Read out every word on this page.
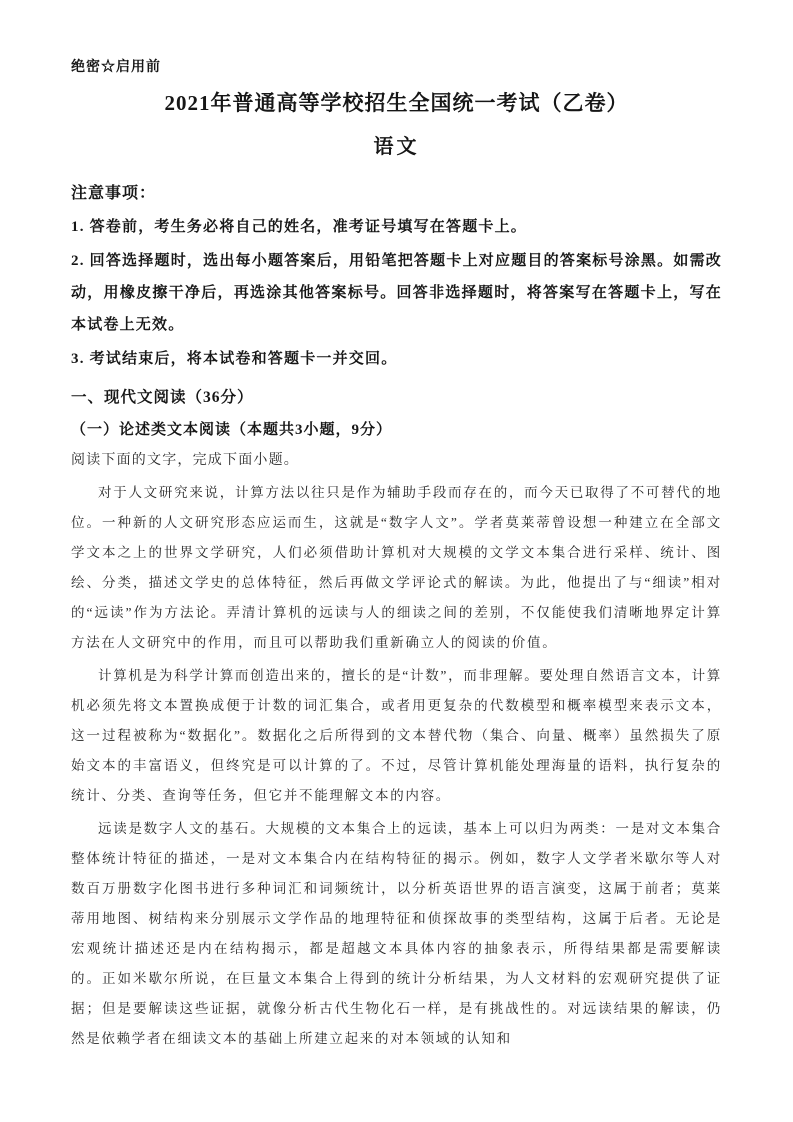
绝密☆启用前
2021年普通高等学校招生全国统一考试（乙卷）
语文
注意事项：

1. 答卷前，考生务必将自己的姓名，准考证号填写在答题卡上。

2. 回答选择题时，选出每小题答案后，用铅笔把答题卡上对应题目的答案标号涂黑。如需改动，用橡皮擦干净后，再选涂其他答案标号。回答非选择题时，将答案写在答题卡上，写在本试卷上无效。

3. 考试结束后，将本试卷和答题卡一并交回。

一、现代文阅读（36分）
（一）论述类文本阅读（本题共3小题，9分）

阅读下面的文字，完成下面小题。

对于人文研究来说，计算方法以往只是作为辅助手段而存在的，而今天已取得了不可替代的地位。一种新的人文研究形态应运而生，这就是“数字人文”。学者莫莱蒂曾设想一种建立在全部文学文本之上的世界文学研究，人们必须借助计算机对大规模的文学文本集合进行采样、统计、图绘、分类，描述文学史的总体特征，然后再做文学评论式的解读。为此，他提出了与“细读”相对的“远读”作为方法论。弄清计算机的远读与人的细读之间的差别，不仅能使我们清晰地界定计算方法在人文研究中的作用，而且可以帮助我们重新确立人的阅读的价值。

计算机是为科学计算而创造出来的，擅长的是“计数”，而非理解。要处理自然语言文本，计算机必须先将文本置换成便于计数的词汇集合，或者用更复杂的代数模型和概率模型来表示文本，这一过程被称为“数据化”。数据化之后所得到的文本替代物（集合、向量、概率）虽然损失了原始文本的丰富语义，但终究是可以计算的了。不过，尽管计算机能处理海量的语料，执行复杂的统计、分类、查询等任务，但它并不能理解文本的内容。

远读是数字人文的基石。大规模的文本集合上的远读，基本上可以归为两类：一是对文本集合整体统计特征的描述，一是对文本集合内在结构特征的揭示。例如，数字人文学者米歇尔等人对数百万册数字化图书进行多种词汇和词频统计，以分析英语世界的语言演变，这属于前者；莫莱蒂用地图、树结构来分别展示文学作品的地理特征和侦探故事的类型结构，这属于后者。无论是宏观统计描述还是内在结构揭示，都是超越文本具体内容的抽象表示，所得结果都是需要解读的。正如米歇尔所说，在巨量文本集合上得到的统计分析结果，为人文材料的宏观研究提供了证据；但是要解读这些证据，就像分析古代生物化石一样，是有挑战性的。对远读结果的解读，仍然是依赖学者在细读文本的基础上所建立起来的对本领域的认知和
